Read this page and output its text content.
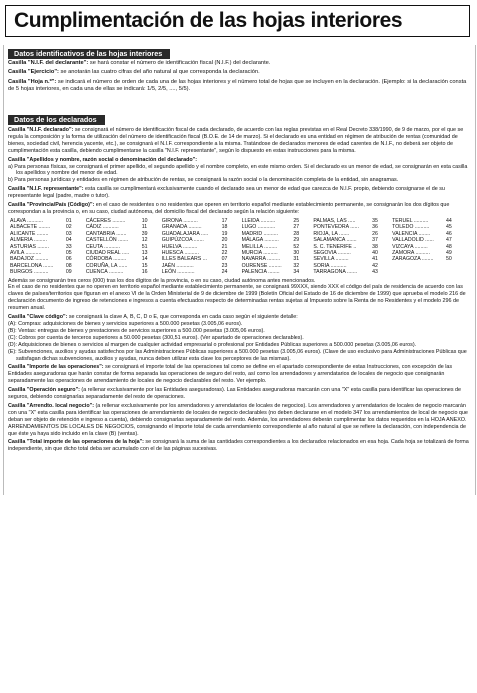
Cumplimentación de las hojas interiores
Datos identificativos de las hojas interiores

Casilla "N.I.F. del declarante": se hará constar el número de identificación fiscal (N.I.F.) del declarante.

Casilla "Ejercicio": se anotarán las cuatro cifras del año natural al que corresponda la declaración.

Casilla "Hoja n.º": se indicará el número de orden de cada una de las hojas interiores y el número total de hojas que se incluyen en la declaración. (Ejemplo: si la declaración consta de 5 hojas interiores, en cada una de ellas se indicará: 1/5, 2/5, ...., 5/5).

Datos de los declarados

Casilla "N.I.F. declarado": se consignará el número de identificación fiscal de cada declarado, de acuerdo con las reglas previstas en el Real Decreto 338/1990, de 9 de marzo, por el que se regula la composición y la forma de utilización del número de identificación fiscal (B.O.E. de 14 de marzo). Si el declarado es una entidad en régimen de atribución de rentas (comunidad de bienes, sociedad civil, herencia yacente, etc.), se consignará el N.I.F. correspondiente a la misma. Tratándose de declarados menores de edad carentes de N.I.F., no deberá ser objeto de cumplimentación esta casilla, debiendo cumplimentarse la casilla "N.I.F. representante", según lo dispuesto en estas instrucciones para la misma.

Casilla "Apellidos y nombre, razón social o denominación del declarado":

a) Para personas físicas, se consignará el primer apellido, el segundo apellido y el nombre completo, en este mismo orden. Si el declarado es un menor de edad, se consignarán en esta casilla los apellidos y nombre del menor de edad.

b) Para personas jurídicas y entidades en régimen de atribución de rentas, se consignará la razón social o la denominación completa de la entidad, sin anagramas.

Casilla "N.I.F. representante": esta casilla se cumplimentará exclusivamente cuando el declarado sea un menor de edad que carezca de N.I.F. propio, debiendo consignarse el de su representante legal (padre, madre o tutor).

Casilla "Provincia/País (Código)": en el caso de residentes o no residentes que operen en territorio español mediante establecimiento permanente, se consignarán los dos dígitos que correspondan a la provincia o, en su caso, ciudad autónoma, del domicilio fiscal del declarado según la relación siguiente:

ALAVA ...........	01	CÁCERES .........	10	GIRONA ..........	17	LLEIDA ..........	25	PALMAS, LAS .....	35	TERUEL ..........	44
ALBACETE ........	02	CÁDIZ ...........	11	GRANADA .........	18	LUGO ............	27	PONTEVEDRA ......	36	TOLEDO ..........	45
ALICANTE ........	03	CANTABRIA .......	39	GUADALAJARA .....	19	MADRID ..........	28	RIOJA, LA .......	26	VALENCIA ........	46
ALMERIA .........	04	CASTELLÓN .......	12	GUIPÚZCOA .......	20	MÁLAGA ..........	29	SALAMANCA .......	37	VALLADOLID ......	47
ASTURIAS ........	33	CEUTA ...........	51	HUELVA ..........	21	MELILLA .........	52	S. C. TENERIFE ..	38	VIZCAYA .........	48
AVILA ...........	05	CIUDAD REAL .....	13	HUESCA ..........	22	MURCIA ..........	30	SEGOVIA .........	40	ZAMORA ..........	49
BADAJOZ .........	06	CÓRDOBA .........	14	ILLES BALEARS ...	07	NAVARRA .........	31	SEVILLA .........	41	ZARAGOZA ........	50
BARCELONA .......	08	CORUÑA, LA ......	15	JAÉN ............	23	OURENSE .........	32	SORIA ...........	42		
BURGOS ..........	09	CUENCA ..........	16	LEÓN ............	24	PALENCIA ........	34	TARRAGONA .......	43		

Además se consignarán tres ceros (000) tras los dos dígitos de la provincia, o en su caso, ciudad autónoma antes mencionados.

En el caso de no residentes que no operen en territorio español mediante establecimiento permanente, se consignará 99XXX, siendo XXX el código del país de residencia de acuerdo con las claves de países/territorios que figuran en el anexo VI de la Orden Ministerial de 9 de diciembre de 1999 (Boletín Oficial del Estado de 16 de diciembre de 1999) que aprueba el modelo 216 de declaración documento de ingreso de retenciones e ingresos a cuenta efectuados respecto de determinadas rentas sujetas al Impuesto sobre la Renta de no Residentes y el modelo 296 de resumen anual.

Casilla "Clave código": se consignará la clave A, B, C, D o E, que corresponda en cada caso según el siguiente detalle:

(A): Compras: adquisiciones de bienes y servicios superiores a 500.000 pesetas (3.005,06 euros).

(B): Ventas: entregas de bienes y prestaciones de servicios superiores a 500.000 pesetas (3.005,06 euros).

(C): Cobros por cuenta de terceros superiores a 50.000 pesetas (300,51 euros). (Ver apartado de operaciones declarables).

(D): Adquisiciones de bienes o servicios al margen de cualquier actividad empresarial o profesional por Entidades Públicas superiores a 500.000 pesetas (3.005,06 euros).

(E): Subvenciones, auxilios y ayudas satisfechos por las Administraciones Públicas superiores a 500.000 pesetas (3.005,06 euros). (Clave de uso exclusivo para Administraciones Públicas que satisfagan dichas subvenciones, auxilios y ayudas, nunca deben utilizar esta clave los perceptores de las mismas).

Casilla "Importe de las operaciones": se consignará el importe total de las operaciones tal como se define en el apartado correspondiente de estas Instrucciones, con excepción de las Entidades aseguradoras que harán constar de forma separada las operaciones de seguro del resto, así como los arrendadores y arrendatarios de locales de negocio que consignarán separadamente las operaciones de arrendamiento de locales de negocio declarables del resto. Ver ejemplo.

Casilla "Operación seguro": (a rellenar exclusivamente por las Entidades aseguradoras). Las Entidades aseguradoras marcarán con una "X" esta casilla para identificar las operaciones de seguros, debiendo consignarlas separadamente del resto de operaciones.

Casilla "Arrendto. local negocio": (a rellenar exclusivamente por los arrendadores y arrendatarios de locales de negocios). Los arrendadores y arrendatarios de locales de negocio marcarán con una "X" esta casilla para identificar las operaciones de arrendamiento de locales de negocio declarables (no deben declararse en el modelo 347 los arrendamientos de local de negocio que deban ser objeto de retención e ingreso a cuenta), debiendo consignarlas separadamente del resto. Además, los arrendadores deberán cumplimentar los datos requeridos en la HOJA ANEXO. ARRENDAMIENTOS DE LOCALES DE NEGOCIOS, consignando el importe total de cada arrendamiento correspondiente al año natural al que se refiere la declaración, con independencia de que éste ya haya sido incluido en la clave (B) (ventas).

Casilla "Total importe de las operaciones de la hoja": se consignará la suma de las cantidades correspondientes a los declarados relacionados en esa hoja. Cada hoja se totalizará de forma independiente, sin que dicho total deba ser acumulado con el de las páginas sucesivas.
